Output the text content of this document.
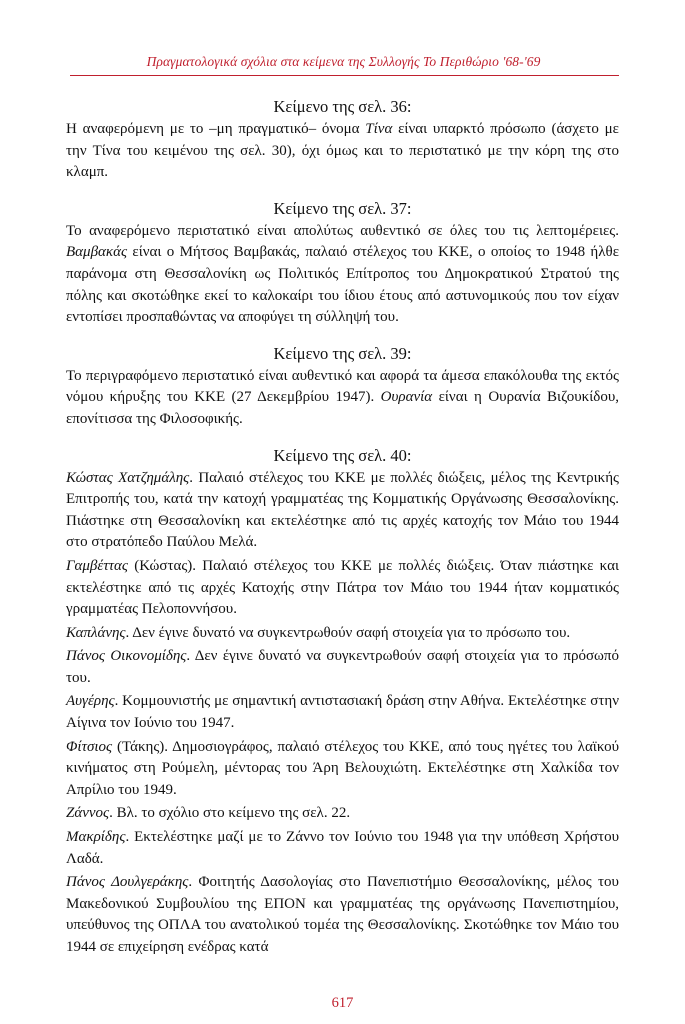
Πραγματολογικά σχόλια στα κείμενα της Συλλογής Το Περιθώριο '68-'69
Κείμενο της σελ. 36:

Η αναφερόμενη με το –μη πραγματικό– όνομα Τίνα είναι υπαρκτό πρόσωπο (άσχετο με την Τίνα του κειμένου της σελ. 30), όχι όμως και το περιστατικό με την κόρη της στο κλαμπ.

Κείμενο της σελ. 37:

Το αναφερόμενο περιστατικό είναι απολύτως αυθεντικό σε όλες του τις λεπτομέρειες. Βαμβακάς είναι ο Μήτσος Βαμβακάς, παλαιό στέλεχος του ΚΚΕ, ο οποίος το 1948 ήλθε παράνομα στη Θεσσαλονίκη ως Πολιτικός Επίτροπος του Δημοκρατικού Στρατού της πόλης και σκοτώθηκε εκεί το καλοκαίρι του ίδιου έτους από αστυνομικούς που τον είχαν εντοπίσει προσπαθώντας να αποφύγει τη σύλληψή του.

Κείμενο της σελ. 39:

Το περιγραφόμενο περιστατικό είναι αυθεντικό και αφορά τα άμεσα επακόλουθα της εκτός νόμου κήρυξης του ΚΚΕ (27 Δεκεμβρίου 1947). Ουρανία είναι η Ουρανία Βιζουκίδου, επονίτισσα της Φιλοσοφικής.

Κείμενο της σελ. 40:

Κώστας Χατζημάλης. Παλαιό στέλεχος του ΚΚΕ με πολλές διώξεις, μέλος της Κεντρικής Επιτροπής του, κατά την κατοχή γραμματέας της Κομματικής Οργάνωσης Θεσσαλονίκης. Πιάστηκε στη Θεσσαλονίκη και εκτελέστηκε από τις αρχές κατοχής τον Μάιο του 1944 στο στρατόπεδο Παύλου Μελά.

Γαμβέττας (Κώστας). Παλαιό στέλεχος του ΚΚΕ με πολλές διώξεις. Όταν πιάστηκε και εκτελέστηκε από τις αρχές Κατοχής στην Πάτρα τον Μάιο του 1944 ήταν κομματικός γραμματέας Πελοποννήσου.

Καπλάνης. Δεν έγινε δυνατό να συγκεντρωθούν σαφή στοιχεία για το πρόσωπο του.

Πάνος Οικονομίδης. Δεν έγινε δυνατό να συγκεντρωθούν σαφή στοιχεία για το πρόσωπό του.

Αυγέρης. Κομμουνιστής με σημαντική αντιστασιακή δράση στην Αθήνα. Εκτελέστηκε στην Αίγινα τον Ιούνιο του 1947.

Φίτσιος (Τάκης). Δημοσιογράφος, παλαιό στέλεχος του ΚΚΕ, από τους ηγέτες του λαϊκού κινήματος στη Ρούμελη, μέντορας του Άρη Βελουχιώτη. Εκτελέστηκε στη Χαλκίδα τον Απρίλιο του 1949.

Ζάννος. Βλ. το σχόλιο στο κείμενο της σελ. 22.

Μακρίδης. Εκτελέστηκε μαζί με το Ζάννο τον Ιούνιο του 1948 για την υπόθεση Χρήστου Λαδά.

Πάνος Δουλγεράκης. Φοιτητής Δασολογίας στο Πανεπιστήμιο Θεσσαλονίκης, μέλος του Μακεδονικού Συμβουλίου της ΕΠΟΝ και γραμματέας της οργάνωσης Πανεπιστημίου, υπεύθυνος της ΟΠΛΑ του ανατολικού τομέα της Θεσσαλονίκης. Σκοτώθηκε τον Μάιο του 1944 σε επιχείρηση ενέδρας κατά

617
